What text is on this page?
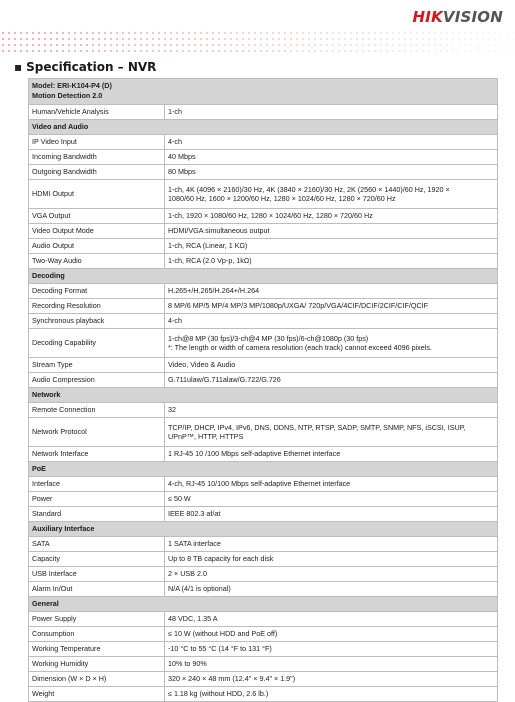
HIKVISION
▪ Specification – NVR
Model: ERI-K104-P4 (D)
Motion Detection 2.0	

Human/Vehicle Analysis	1-ch

Video and Audio	
IP Video Input	4-ch

Incoming Bandwidth	40 Mbps

Outgoing Bandwidth	80 Mbps

HDMI Output	1-ch, 4K (4096 × 2160)/30 Hz, 4K (3840 × 2160)/30 Hz, 2K (2560 × 1440)/60 Hz, 1920 ×
1080/60 Hz, 1600 × 1200/60 Hz, 1280 × 1024/60 Hz, 1280 × 720/60 Hz

VGA Output	1-ch, 1920 × 1080/60 Hz, 1280 × 1024/60 Hz, 1280 × 720/60 Hz

Video Output Mode	HDMI/VGA simultaneous output

Audio Output	1-ch, RCA (Linear, 1 KΩ)

Two-Way Audio	1-ch, RCA (2.0 Vp-p, 1kΩ)

Decoding	
Decoding Format	H.265+/H.265/H.264+/H.264

Recording Resolution	8 MP/6 MP/5 MP/4 MP/3 MP/1080p/UXGA/ 720p/VGA/4CIF/DCIF/2CIF/CIF/QCIF

Synchronous playback	4-ch

Decoding Capability	1-ch@8 MP (30 fps)/3-ch@4 MP (30 fps)/6-ch@1080p (30 fps)
*: The length or width of camera resolution (each track) cannot exceed 4096 pixels.

Stream Type	Video, Video & Audio

Audio Compression	G.711ulaw/G.711alaw/G.722/G.726

Network	
Remote Connection	32

Network Protocol	TCP/IP, DHCP, IPv4, IPv6, DNS, DDNS, NTP, RTSP, SADP, SMTP, SNMP, NFS, iSCSI, ISUP,
UPnP™, HTTP, HTTPS

Network Interface	1 RJ-45 10 /100 Mbps self-adaptive Ethernet interface

PoE	
Interface	4-ch, RJ-45 10/100 Mbps self-adaptive Ethernet interface

Power	≤ 50 W

Standard	IEEE 802.3 af/at

Auxiliary Interface	
SATA	1 SATA interface

Capacity	Up to 8 TB capacity for each disk

USB Interface	2 × USB 2.0

Alarm In/Out	N/A (4/1 is optional)

General	
Power Supply	48 VDC, 1.35 A

Consumption	≤ 10 W (without HDD and PoE off)

Working Temperature	-10 °C to 55 °C (14 °F to 131 °F)

Working Humidity	10% to 90%

Dimension (W × D × H)	320 × 240 × 48 mm (12.4" × 9.4" × 1.9")

Weight	≤ 1.18 kg (without HDD, 2.6 lb.)
